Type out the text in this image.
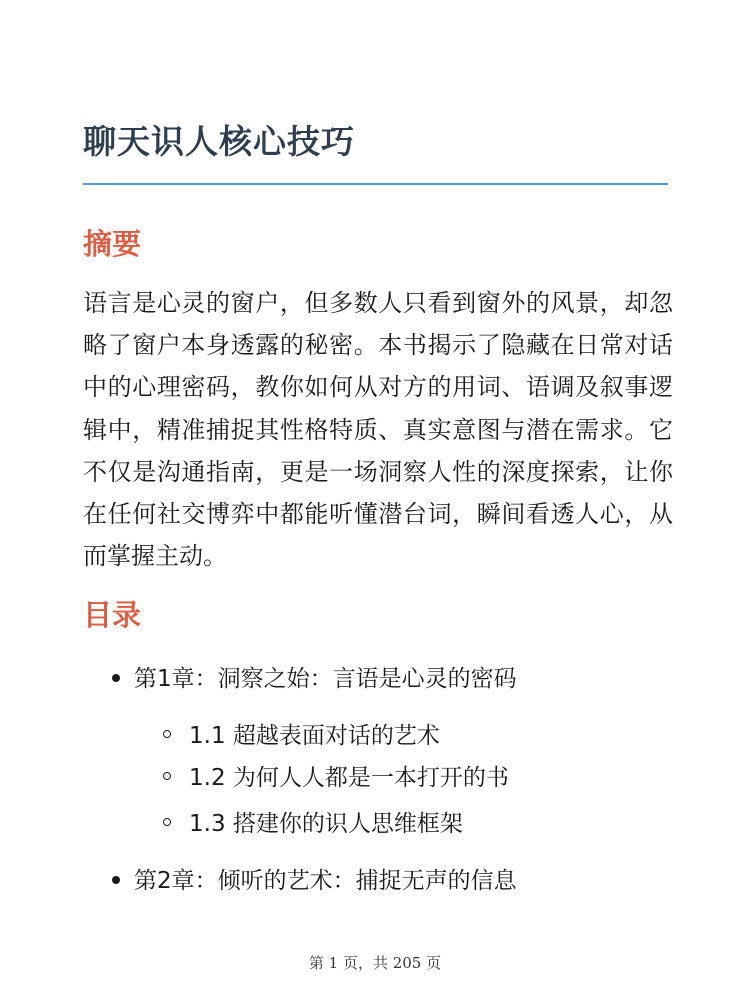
聊天识人核心技巧
摘要

语言是心灵的窗户，但多数人只看到窗外的风景，却忽略了窗户本身透露的秘密。本书揭示了隐藏在日常对话中的心理密码，教你如何从对方的用词、语调及叙事逻辑中，精准捕捉其性格特质、真实意图与潜在需求。它不仅是沟通指南，更是一场洞察人性的深度探索，让你在任何社交博弈中都能听懂潜台词，瞬间看透人心，从而掌握主动。

目录
第1章：洞察之始：言语是心灵的密码
1.1 超越表面对话的艺术
1.2 为何人人都是一本打开的书
1.3 搭建你的识人思维框架
第2章：倾听的艺术：捕捉无声的信息
第 1 页，共 205 页
